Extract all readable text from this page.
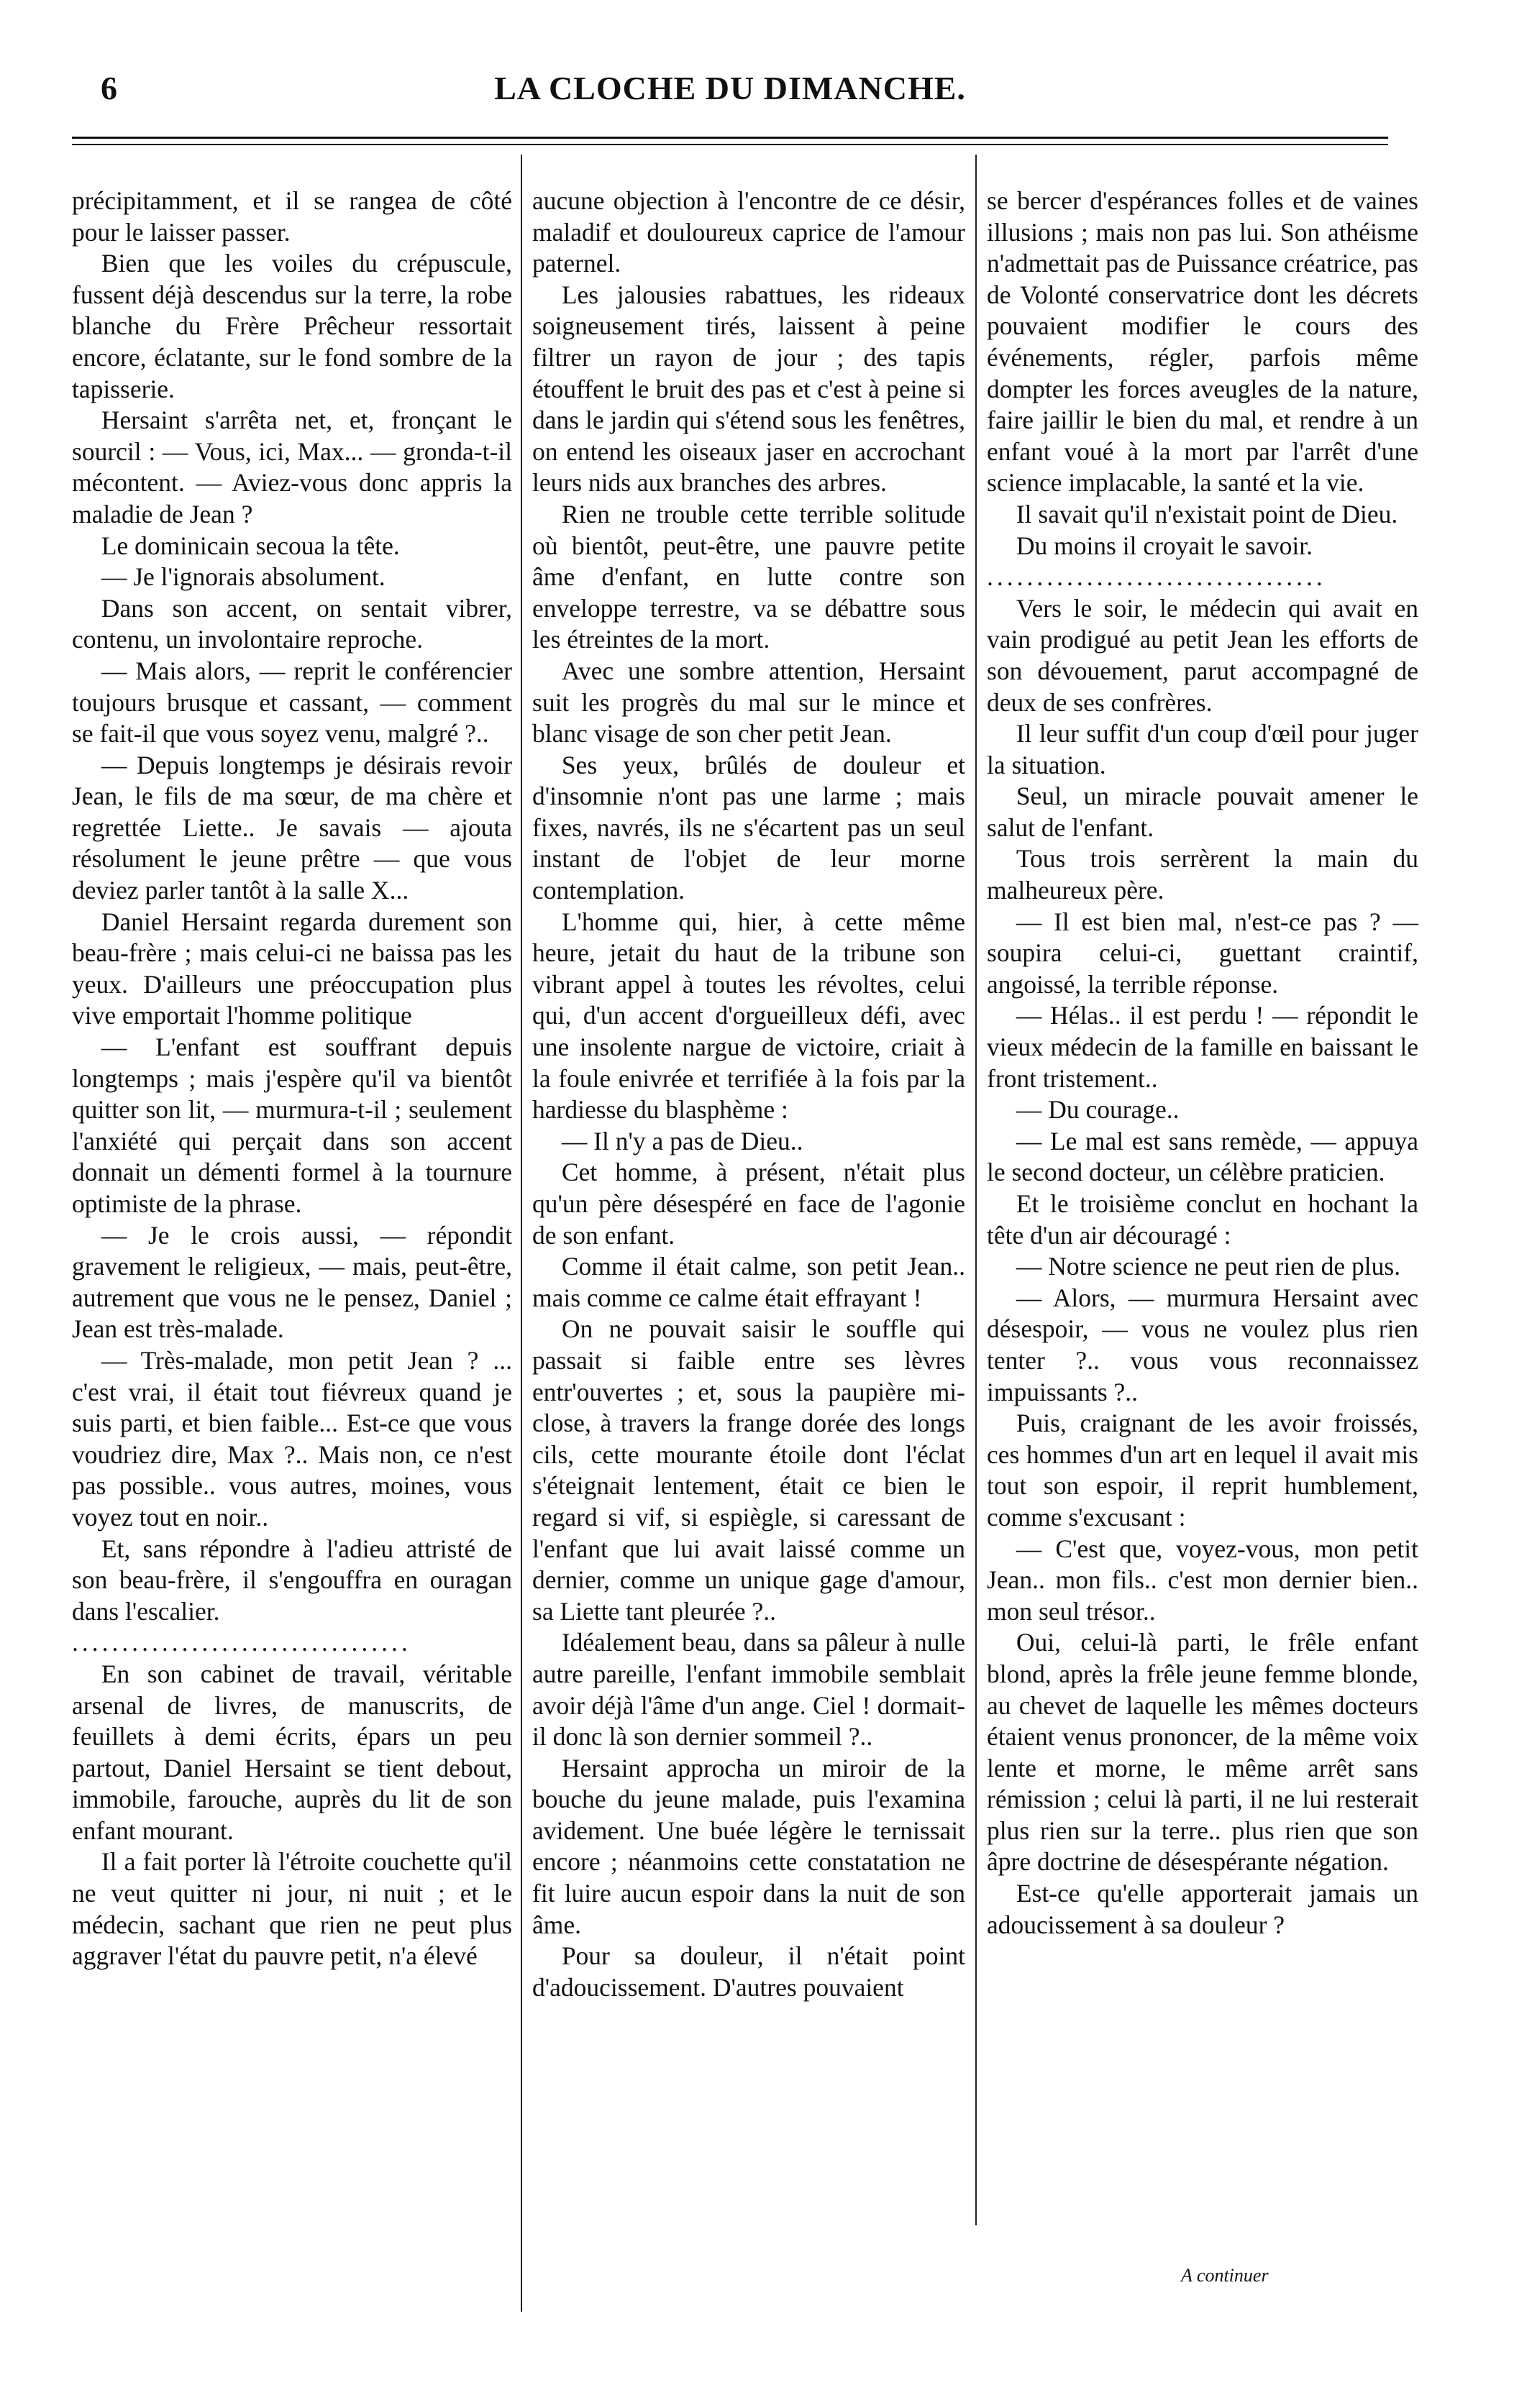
6	LA CLOCHE DU DIMANCHE.

précipitamment, et il se rangea de côté pour le laisser passer.

Bien que les voiles du crépuscule, fussent déjà descendus sur la terre, la robe blanche du Frère Prêcheur ressortait encore, éclatante, sur le fond sombre de la tapisserie.

Hersaint s'arrêta net, et, fronçant le sourcil : — Vous, ici, Max... — gronda-t-il mécontent. — Aviez-vous donc appris la maladie de Jean ?

Le dominicain secoua la tête.

— Je l'ignorais absolument.

Dans son accent, on sentait vibrer, contenu, un involontaire reproche.

— Mais alors, — reprit le conférencier toujours brusque et cassant, — comment se fait-il que vous soyez venu, malgré ?..

— Depuis longtemps je désirais revoir Jean, le fils de ma sœur, de ma chère et regrettée Liette.. Je savais — ajouta résolument le jeune prêtre — que vous deviez parler tantôt à la salle X...

Daniel Hersaint regarda durement son beau-frère ; mais celui-ci ne baissa pas les yeux. D'ailleurs une préoccupation plus vive emportait l'homme politique

— L'enfant est souffrant depuis longtemps ; mais j'espère qu'il va bientôt quitter son lit, — murmura-t-il ; seulement l'anxiété qui perçait dans son accent donnait un démenti formel à la tournure optimiste de la phrase.

— Je le crois aussi, — répondit gravement le religieux, — mais, peut-être, autrement que vous ne le pensez, Daniel ; Jean est très-malade.

— Très-malade, mon petit Jean ? ... c'est vrai, il était tout fiévreux quand je suis parti, et bien faible... Est-ce que vous voudriez dire, Max ?.. Mais non, ce n'est pas possible.. vous autres, moines, vous voyez tout en noir..

Et, sans répondre à l'adieu attristé de son beau-frère, il s'engouffra en ouragan dans l'escalier.

..................................

En son cabinet de travail, véritable arsenal de livres, de manuscrits, de feuillets à demi écrits, épars un peu partout, Daniel Hersaint se tient debout, immobile, farouche, auprès du lit de son enfant mourant.

Il a fait porter là l'étroite couchette qu'il ne veut quitter ni jour, ni nuit ; et le médecin, sachant que rien ne peut plus aggraver l'état du pauvre petit, n'a élevé

aucune objection à l'encontre de ce désir, maladif et douloureux caprice de l'amour paternel.

Les jalousies rabattues, les rideaux soigneusement tirés, laissent à peine filtrer un rayon de jour ; des tapis étouffent le bruit des pas et c'est à peine si dans le jardin qui s'étend sous les fenêtres, on entend les oiseaux jaser en accrochant leurs nids aux branches des arbres.

Rien ne trouble cette terrible solitude où bientôt, peut-être, une pauvre petite âme d'enfant, en lutte contre son enveloppe terrestre, va se débattre sous les étreintes de la mort.

Avec une sombre attention, Hersaint suit les progrès du mal sur le mince et blanc visage de son cher petit Jean.

Ses yeux, brûlés de douleur et d'insomnie n'ont pas une larme ; mais fixes, navrés, ils ne s'écartent pas un seul instant de l'objet de leur morne contemplation.

L'homme qui, hier, à cette même heure, jetait du haut de la tribune son vibrant appel à toutes les révoltes, celui qui, d'un accent d'orgueilleux défi, avec une insolente nargue de victoire, criait à la foule enivrée et terrifiée à la fois par la hardiesse du blasphème :

— Il n'y a pas de Dieu..

Cet homme, à présent, n'était plus qu'un père désespéré en face de l'agonie de son enfant.

Comme il était calme, son petit Jean.. mais comme ce calme était effrayant !

On ne pouvait saisir le souffle qui passait si faible entre ses lèvres entr'ouvertes ; et, sous la paupière mi-close, à travers la frange dorée des longs cils, cette mourante étoile dont l'éclat s'éteignait lentement, était ce bien le regard si vif, si espiègle, si caressant de l'enfant que lui avait laissé comme un dernier, comme un unique gage d'amour, sa Liette tant pleurée ?..

Idéalement beau, dans sa pâleur à nulle autre pareille, l'enfant immobile semblait avoir déjà l'âme d'un ange. Ciel ! dormait-il donc là son dernier sommeil ?..

Hersaint approcha un miroir de la bouche du jeune malade, puis l'examina avidement. Une buée légère le ternissait encore ; néanmoins cette constatation ne fit luire aucun espoir dans la nuit de son âme.

Pour sa douleur, il n'était point d'adoucissement. D'autres pouvaient

se bercer d'espérances folles et de vaines illusions ; mais non pas lui. Son athéisme n'admettait pas de Puissance créatrice, pas de Volonté conservatrice dont les décrets pouvaient modifier le cours des événements, régler, parfois même dompter les forces aveugles de la nature, faire jaillir le bien du mal, et rendre à un enfant voué à la mort par l'arrêt d'une science implacable, la santé et la vie.

Il savait qu'il n'existait point de Dieu.

Du moins il croyait le savoir.

..................................

Vers le soir, le médecin qui avait en vain prodigué au petit Jean les efforts de son dévouement, parut accompagné de deux de ses confrères.

Il leur suffit d'un coup d'œil pour juger la situation.

Seul, un miracle pouvait amener le salut de l'enfant.

Tous trois serrèrent la main du malheureux père.

— Il est bien mal, n'est-ce pas ? — soupira celui-ci, guettant craintif, angoissé, la terrible réponse.

— Hélas.. il est perdu ! — répondit le vieux médecin de la famille en baissant le front tristement..

— Du courage..

— Le mal est sans remède, — appuya le second docteur, un célèbre praticien.

Et le troisième conclut en hochant la tête d'un air découragé :

— Notre science ne peut rien de plus.

— Alors, — murmura Hersaint avec désespoir, — vous ne voulez plus rien tenter ?.. vous vous reconnaissez impuissants ?..

Puis, craignant de les avoir froissés, ces hommes d'un art en lequel il avait mis tout son espoir, il reprit humblement, comme s'excusant :

— C'est que, voyez-vous, mon petit Jean.. mon fils.. c'est mon dernier bien.. mon seul trésor..

Oui, celui-là parti, le frêle enfant blond, après la frêle jeune femme blonde, au chevet de laquelle les mêmes docteurs étaient venus prononcer, de la même voix lente et morne, le même arrêt sans rémission ; celui là parti, il ne lui resterait plus rien sur la terre.. plus rien que son âpre doctrine de désespérante négation.

Est-ce qu'elle apporterait jamais un adoucissement à sa douleur ?

A continuer
